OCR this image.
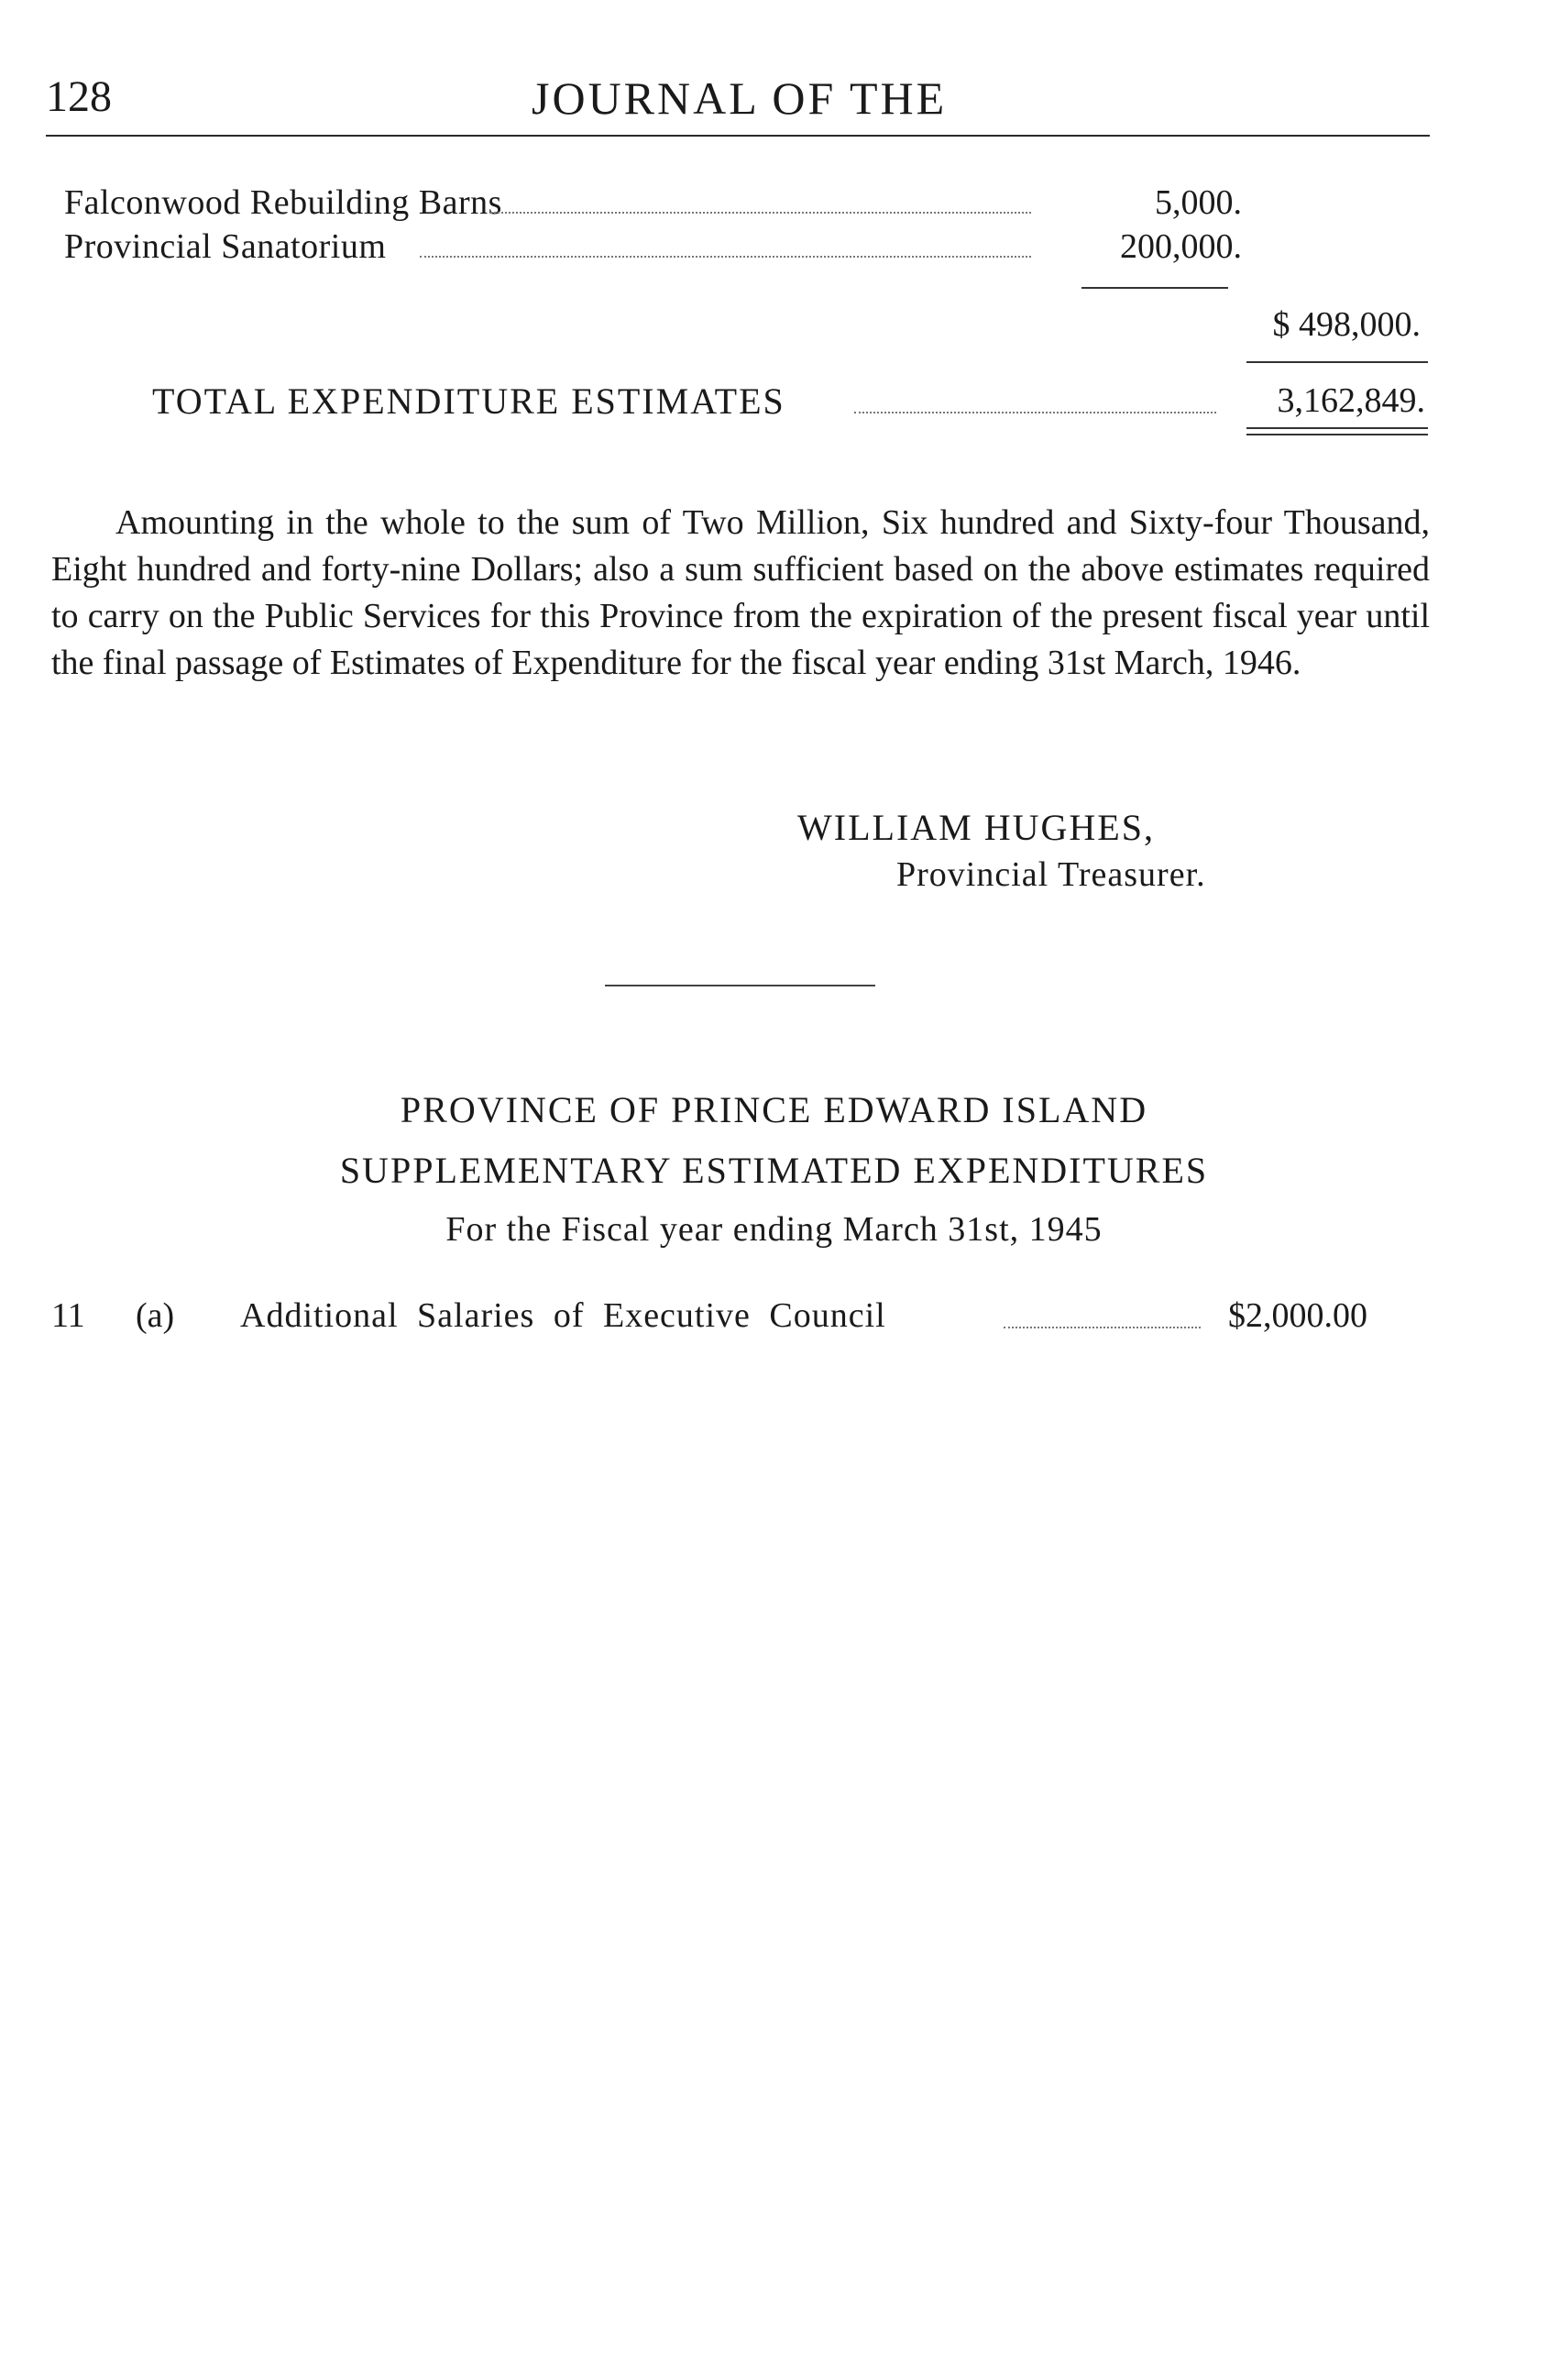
128	JOURNAL OF THE
Falconwood Rebuilding Barns	5,000.
Provincial Sanatorium	200,000.
$ 498,000.
TOTAL EXPENDITURE ESTIMATES	3,162,849.
Amounting in the whole to the sum of Two Million, Six hundred and Sixty-four Thousand, Eight hundred and forty-nine Dollars; also a sum sufficient based on the above estimates required to carry on the Public Services for this Province from the expiration of the present fiscal year until the final passage of Estimates of Expenditure for the fiscal year ending 31st March, 1946.
WILLIAM HUGHES,
Provincial Treasurer.
PROVINCE OF PRINCE EDWARD ISLAND
SUPPLEMENTARY ESTIMATED EXPENDITURES
For the Fiscal year ending March 31st, 1945
11 (a) Additional Salaries of Executive Council	$2,000.00
